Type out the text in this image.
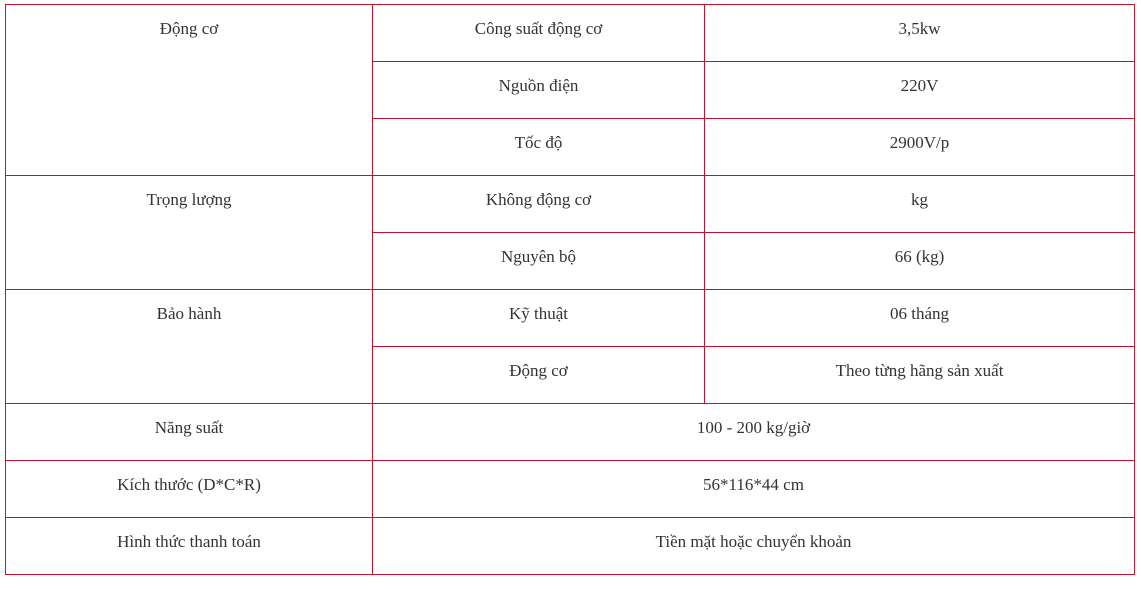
Động cơ	Công suất động cơ	3,5kw
	Nguồn điện	220V
	Tốc độ	2900V/p
Trọng lượng	Không động cơ	kg
	Nguyên bộ	66 (kg)
Bảo hành	Kỹ thuật	06 tháng
	Động cơ	Theo từng hãng sản xuất
Năng suất	100 - 200 kg/giờ	
Kích thước (D*C*R)	56*116*44 cm	
Hình thức thanh toán	Tiền mặt hoặc chuyển khoản	
